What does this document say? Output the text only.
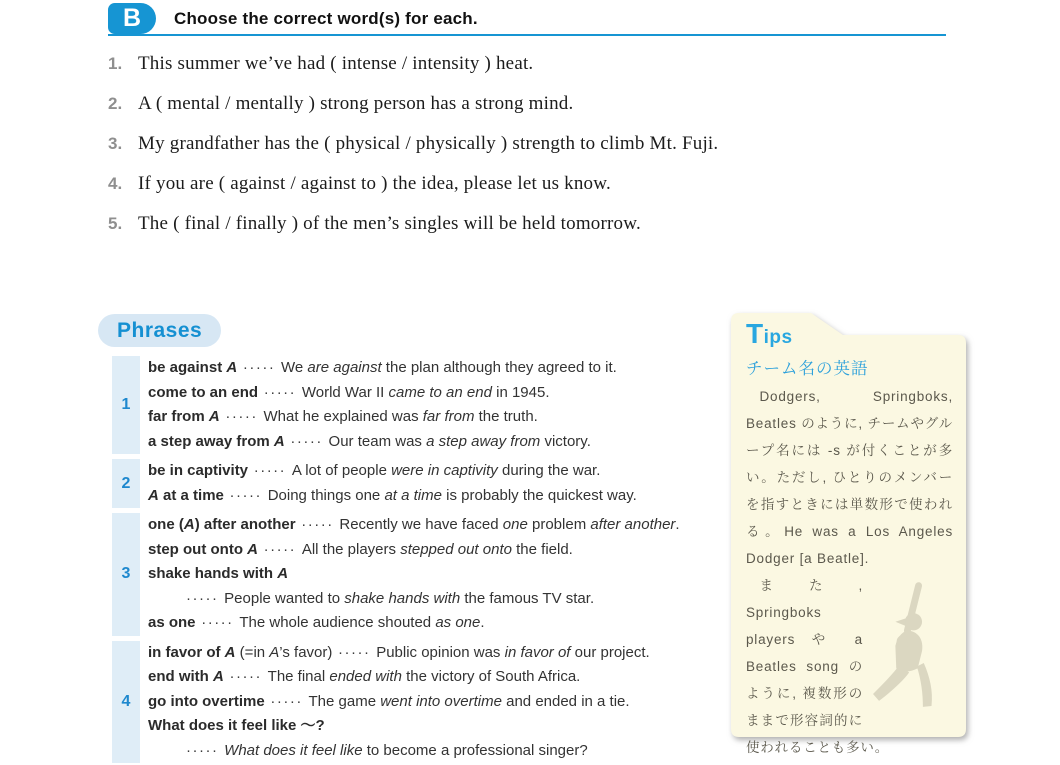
B	Choose the correct word(s) for each.
1. This summer we’ve had ( intense / intensity ) heat.
2. A ( mental / mentally ) strong person has a strong mind.
3. My grandfather has the ( physical / physically ) strength to climb Mt. Fuji.
4. If you are ( against / against to ) the idea, please let us know.
5. The ( final / finally ) of the men’s singles will be held tomorrow.
Phrases
1
be against A ····· We are against the plan although they agreed to it.
come to an end ····· World War II came to an end in 1945.
far from A ····· What he explained was far from the truth.
a step away from A ····· Our team was a step away from victory.
2
be in captivity ····· A lot of people were in captivity during the war.
A at a time ····· Doing things one at a time is probably the quickest way.
3
one (A) after another ····· Recently we have faced one problem after another.
step out onto A ····· All the players stepped out onto the field.
shake hands with A
····· People wanted to shake hands with the famous TV star.
as one ····· The whole audience shouted as one.
4
in favor of A (=in A’s favor) ····· Public opinion was in favor of our project.
end with A ····· The final ended with the victory of South Africa.
go into overtime ····· The game went into overtime and ended in a tie.
What does it feel like ～?
····· What does it feel like to become a professional singer?
Tips
チーム名の英語

Dodgers, Springboks, Beatles のように, チームやグループ名には -s が付くことが多い。ただし, ひとりのメンバーを指すときには単数形で使われる。He was a Los Angeles Dodger [a Beatle].

また, Springboks players や a Beatles song のように, 複数形のままで形容詞的に使われることも多い。
